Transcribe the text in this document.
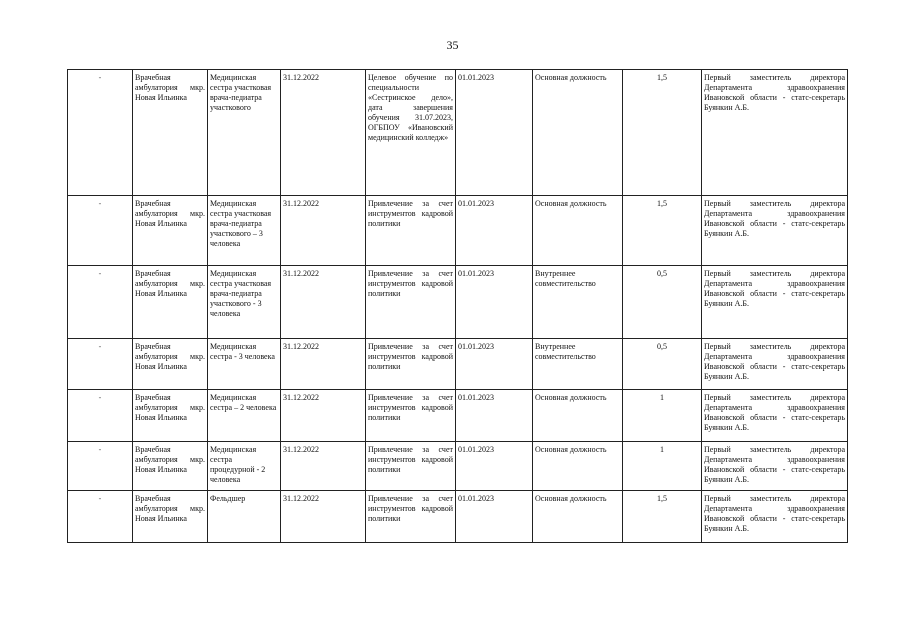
35
-	Врачебная амбулатория мкр. Новая Ильинка	Медицинская сестра участковая врача-педиатра участкового	31.12.2022	Целевое обучение по специальности «Сестринское дело», дата завершения обучения 31.07.2023, ОГБПОУ «Ивановский медицинский колледж»	01.01.2023	Основная должность	1,5	Первый заместитель директора Департамента здравоохранения Ивановской области - статс-секретарь Буянкин А.Б.
-	Врачебная амбулатория мкр. Новая Ильинка	Медицинская сестра участковая врача-педиатра участкового – 3 человека	31.12.2022	Привлечение за счет инструментов кадровой политики	01.01.2023	Основная должность	1,5	Первый заместитель директора Департамента здравоохранения Ивановской области - статс-секретарь Буянкин А.Б.
-	Врачебная амбулатория мкр. Новая Ильинка	Медицинская сестра участковая врача-педиатра участкового - 3 человека	31.12.2022	Привлечение за счет инструментов кадровой политики	01.01.2023	Внутреннее совместительство	0,5	Первый заместитель директора Департамента здравоохранения Ивановской области - статс-секретарь Буянкин А.Б.
-	Врачебная амбулатория мкр. Новая Ильинка	Медицинская сестра - 3 человека	31.12.2022	Привлечение за счет инструментов кадровой политики	01.01.2023	Внутреннее совместительство	0,5	Первый заместитель директора Департамента здравоохранения Ивановской области - статс-секретарь Буянкин А.Б.
-	Врачебная амбулатория мкр. Новая Ильинка	Медицинская сестра – 2 человека	31.12.2022	Привлечение за счет инструментов кадровой политики	01.01.2023	Основная должность	1	Первый заместитель директора Департамента здравоохранения Ивановской области - статс-секретарь Буянкин А.Б.
-	Врачебная амбулатория мкр. Новая Ильинка	Медицинская сестра процедурной - 2 человека	31.12.2022	Привлечение за счет инструментов кадровой политики	01.01.2023	Основная должность	1	Первый заместитель директора Департамента здравоохранения Ивановской области - статс-секретарь Буянкин А.Б.
-	Врачебная амбулатория мкр. Новая Ильинка	Фельдшер	31.12.2022	Привлечение за счет инструментов кадровой политики	01.01.2023	Основная должность	1,5	Первый заместитель директора Департамента здравоохранения Ивановской области - статс-секретарь Буянкин А.Б.
